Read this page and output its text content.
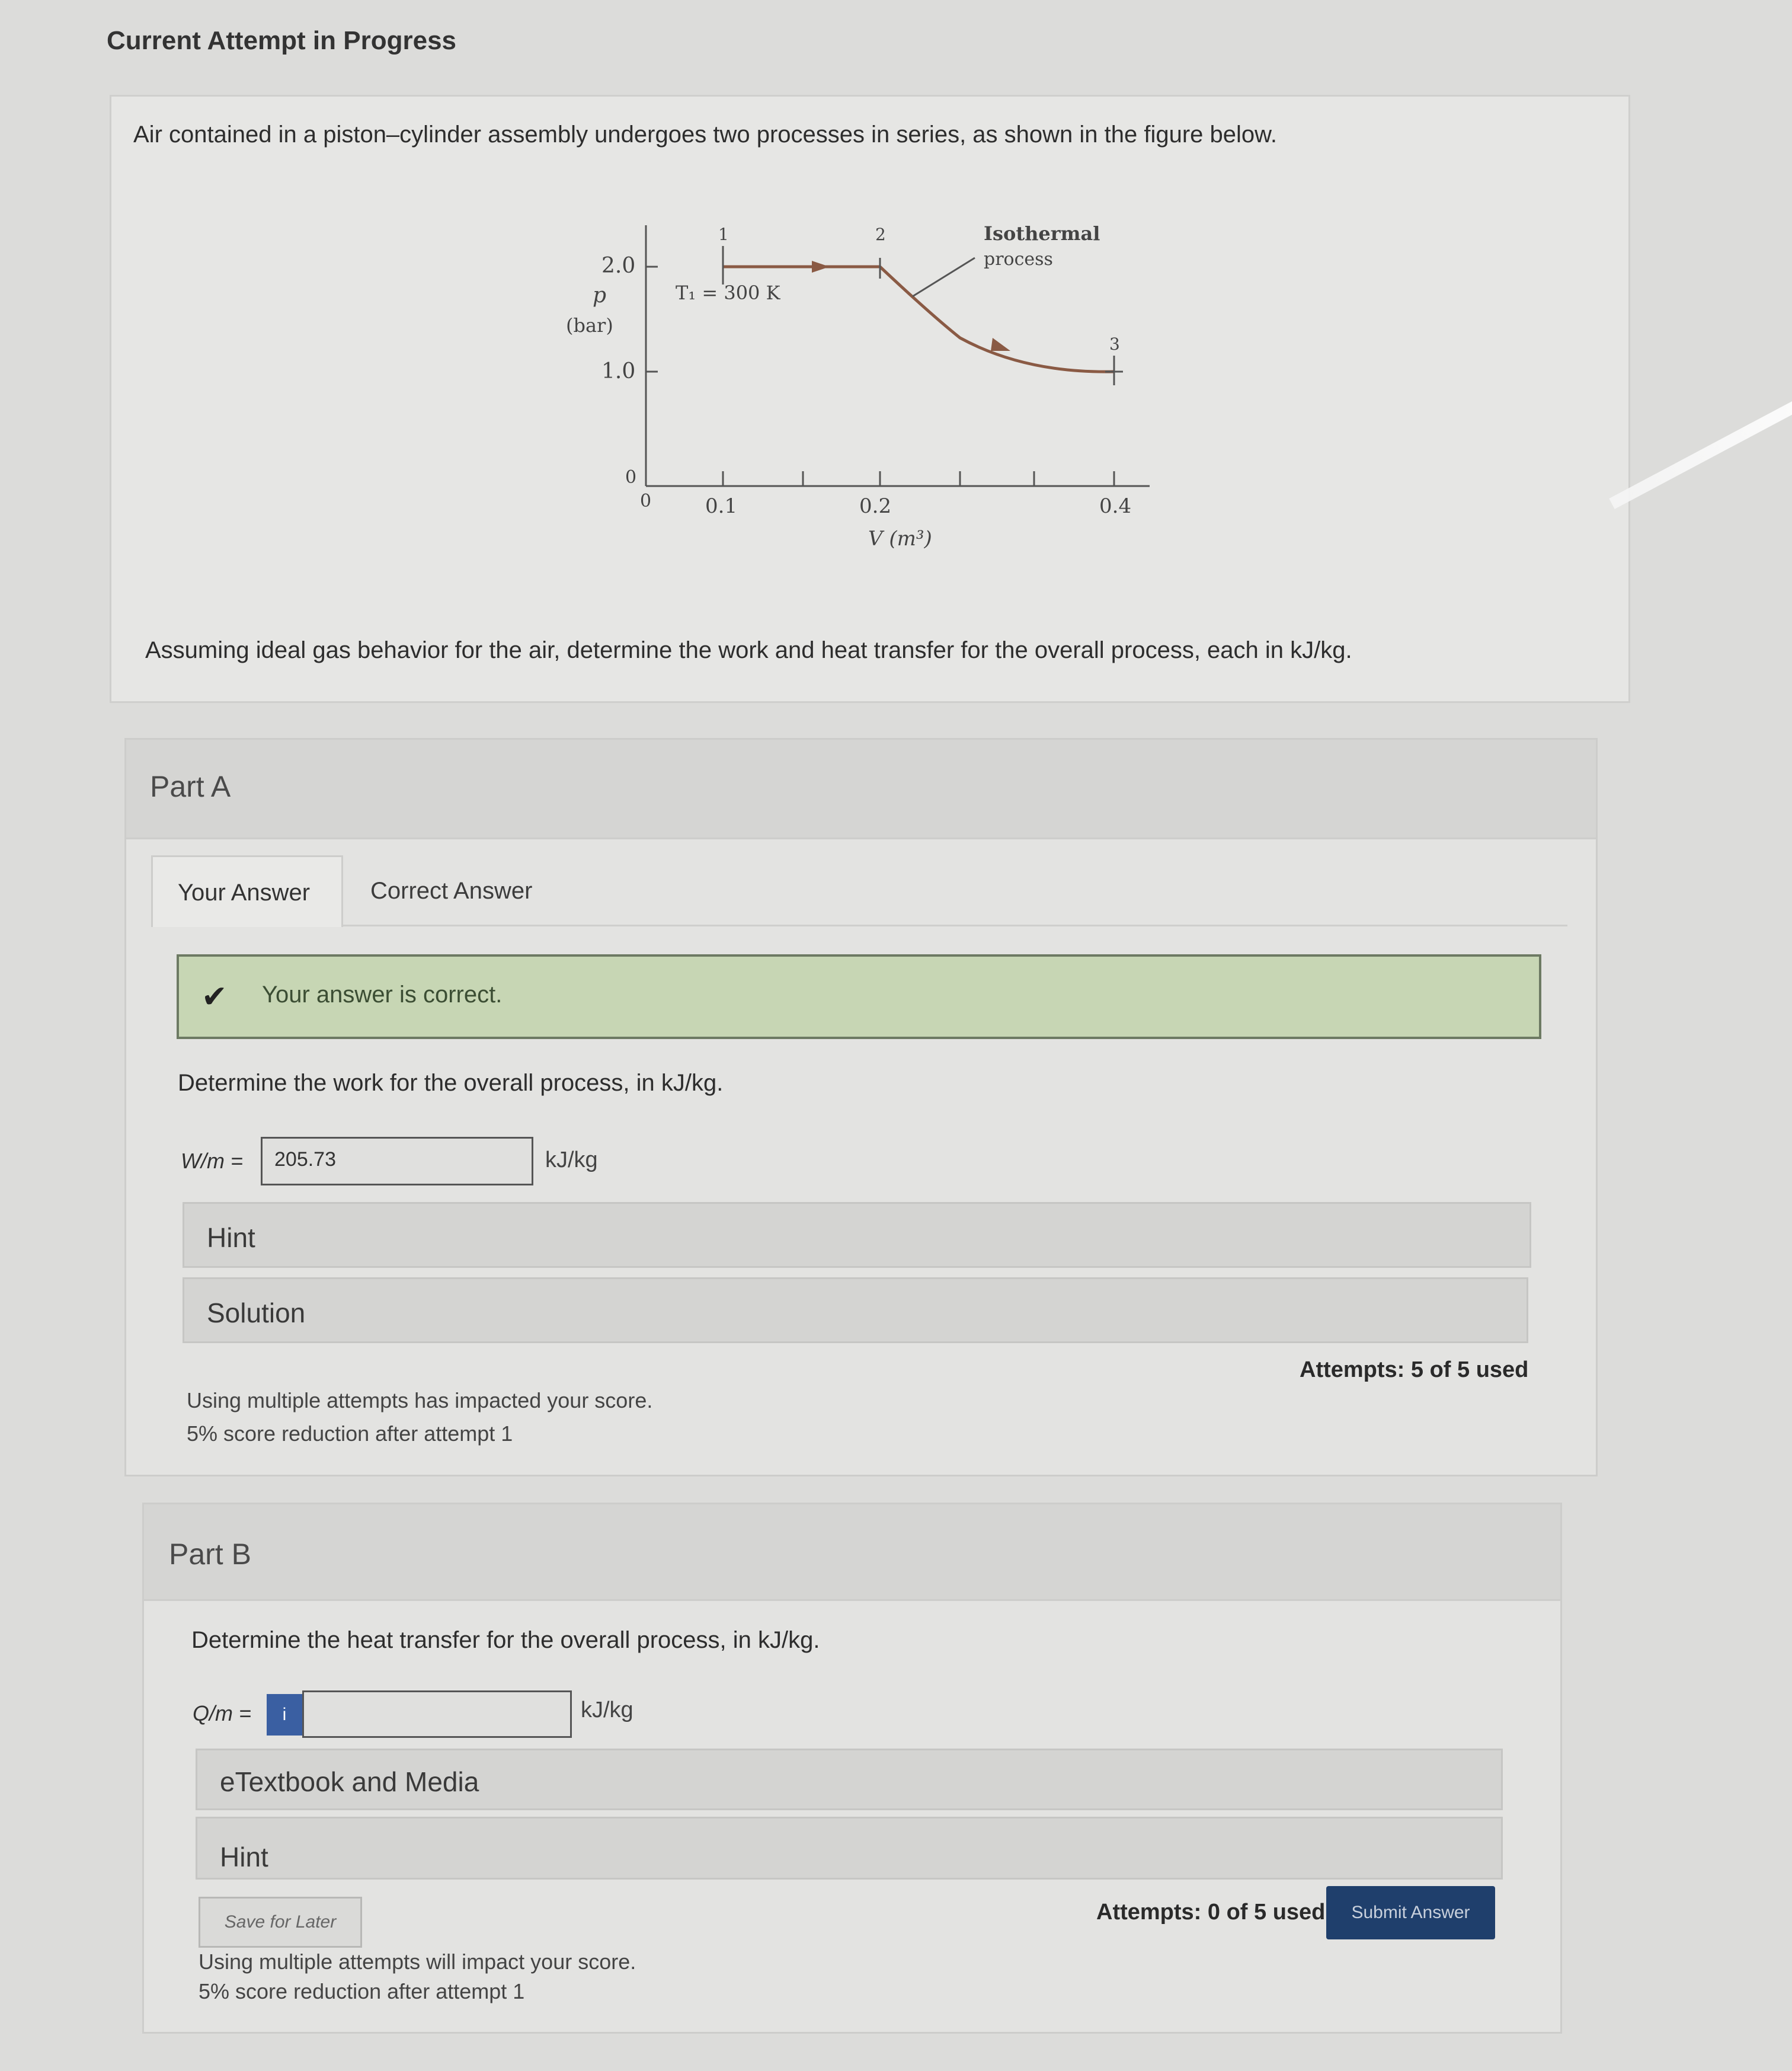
Current Attempt in Progress
Air contained in a piston–cylinder assembly undergoes two processes in series, as shown in the figure below.
2.0
p
(bar)
1.0
0
0	0.1	0.2	0.4
V (m³)
1	2
3
T₁ = 300 K
Isothermal
process
Assuming ideal gas behavior for the air, determine the work and heat transfer for the overall process, each in kJ/kg.
Part A
Your Answer	Correct Answer
✔ Your answer is correct.
Determine the work for the overall process, in kJ/kg.
W/m =	205.73	kJ/kg
Hint
Solution
Attempts: 5 of 5 used
Using multiple attempts has impacted your score.
5% score reduction after attempt 1
Part B
Determine the heat transfer for the overall process, in kJ/kg.
Q/m =	i	kJ/kg
eTextbook and Media
Hint
Save for Later	Attempts: 0 of 5 used	Submit Answer
Using multiple attempts will impact your score.
5% score reduction after attempt 1
